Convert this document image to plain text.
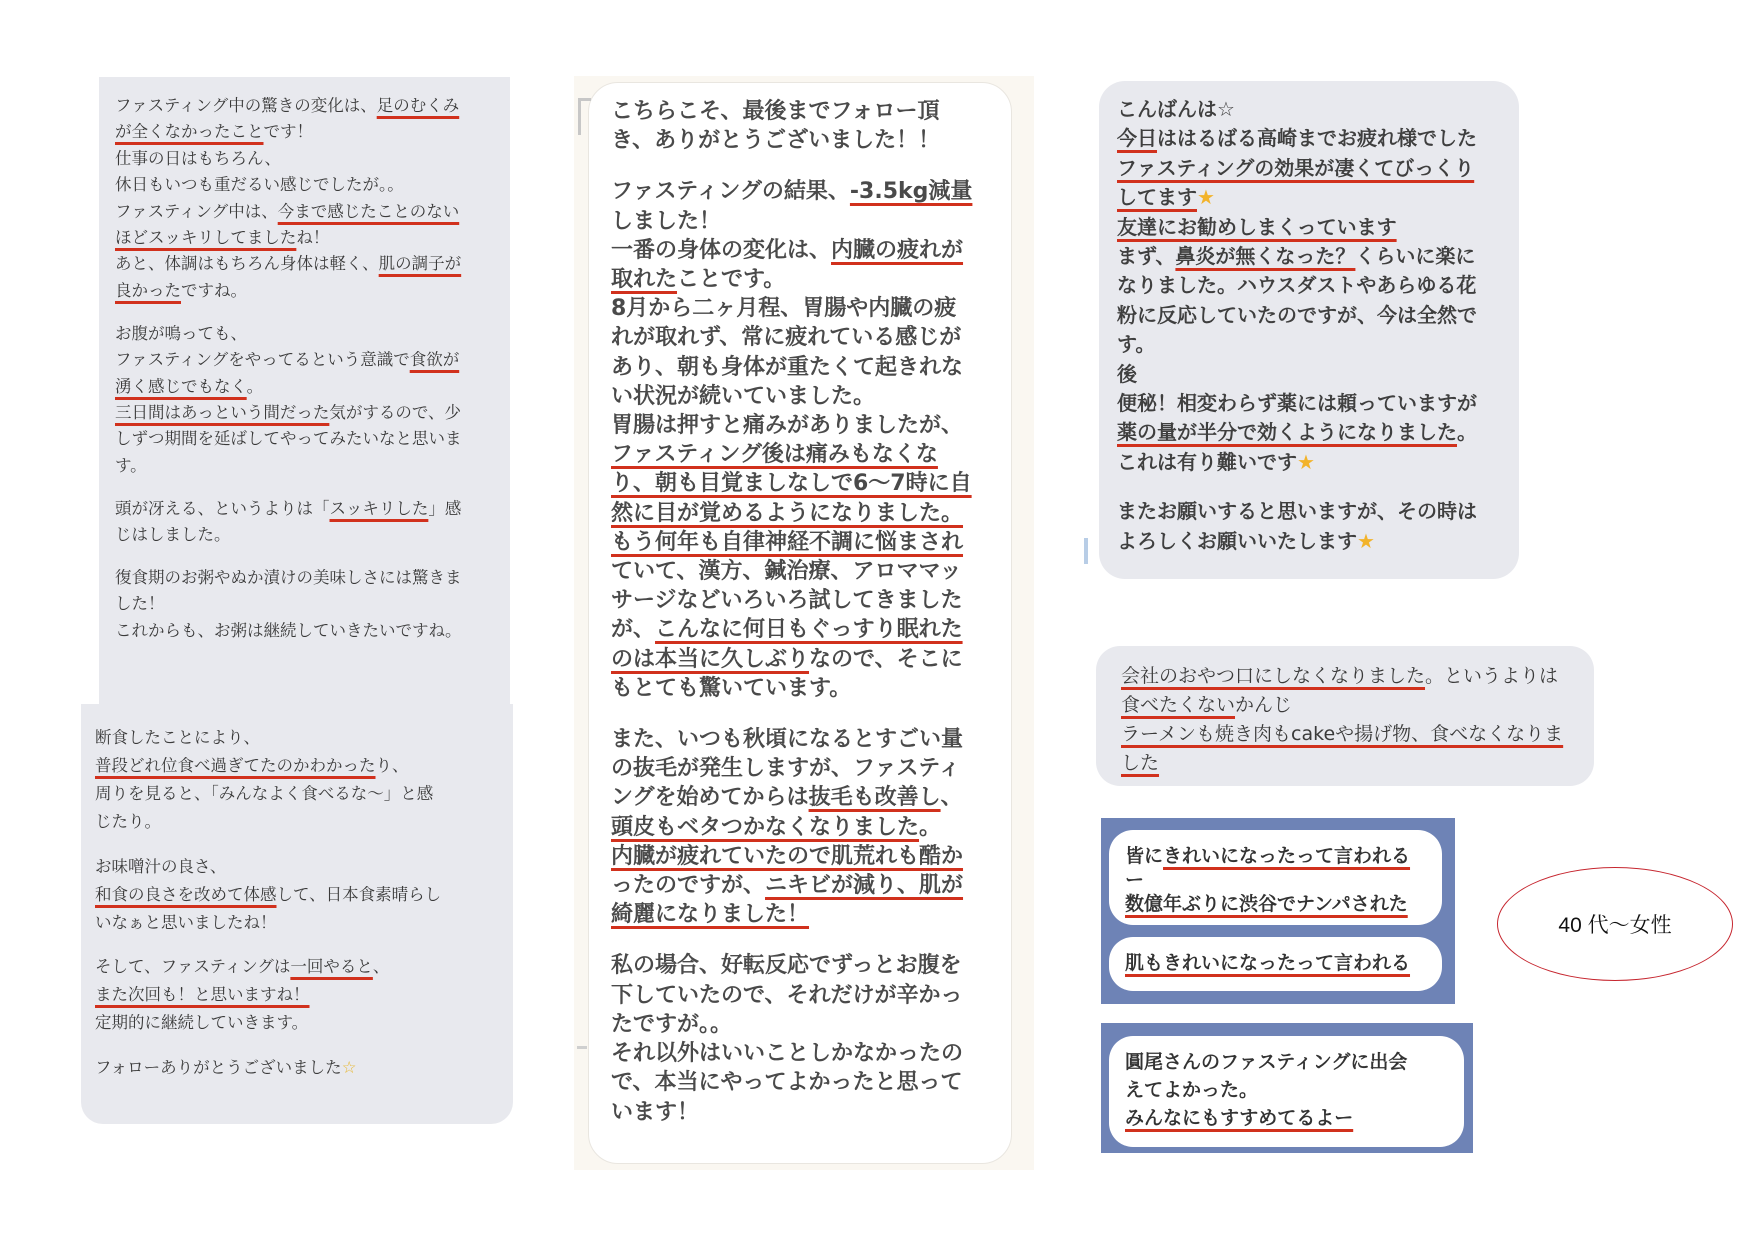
ファスティング中の驚きの変化は、足のむくみ
が全くなかったことです！
仕事の日はもちろん、
休日もいつも重だるい感じでしたが。。
ファスティング中は、今まで感じたことのない
ほどスッキリしてましたね！
あと、体調はもちろん身体は軽く、肌の調子が
良かったですね。
お腹が鳴っても、
ファスティングをやってるという意識で食欲が
湧く感じでもなく。
三日間はあっという間だった気がするので、少
しずつ期間を延ばしてやってみたいなと思いま
す。
頭が冴える、というよりは「スッキリした」感
じはしました。
復食期のお粥やぬか漬けの美味しさには驚きま
した！
これからも、お粥は継続していきたいですね。
断食したことにより、
普段どれ位食べ過ぎてたのかわかったり、
周りを見ると、「みんなよく食べるな〜」と感
じたり。
お味噌汁の良さ、
和食の良さを改めて体感して、日本食素晴らし
いなぁと思いましたね！
そして、ファスティングは一回やると、
また次回も！と思いますね！
定期的に継続していきます。
フォローありがとうございました☆
こちらこそ、最後までフォロー頂
き、ありがとうございました！！
ファスティングの結果、-3.5kg減量
しました！
一番の身体の変化は、内臓の疲れが
取れたことです。
8月から二ヶ月程、胃腸や内臓の疲
れが取れず、常に疲れている感じが
あり、朝も身体が重たくて起きれな
い状況が続いていました。
胃腸は押すと痛みがありましたが、
ファスティング後は痛みもなくな
り、朝も目覚ましなしで6〜7時に自
然に目が覚めるようになりました。
もう何年も自律神経不調に悩まされ
ていて、漢方、鍼治療、アロママッ
サージなどいろいろ試してきました
が、こんなに何日もぐっすり眠れた
のは本当に久しぶりなので、そこに
もとても驚いています。
また、いつも秋頃になるとすごい量
の抜毛が発生しますが、ファスティ
ングを始めてからは抜毛も改善し、
頭皮もベタつかなくなりました。
内臓が疲れていたので肌荒れも酷か
ったのですが、ニキビが減り、肌が
綺麗になりました！
私の場合、好転反応でずっとお腹を
下していたので、それだけが辛かっ
たですが。。
それ以外はいいことしかなかったの
で、本当にやってよかったと思って
います！
こんばんは☆
今日ははるばる高崎までお疲れ様でした
ファスティングの効果が凄くてびっくり
してます★
友達にお勧めしまくっています
まず、鼻炎が無くなった？くらいに楽に
なりました。ハウスダストやあらゆる花
粉に反応していたのですが、今は全然で
す。
後
便秘！相変わらず薬には頼っていますが
薬の量が半分で効くようになりました。
これは有り難いです★
またお願いすると思いますが、その時は
よろしくお願いいたします★
会社のおやつ口にしなくなりました。というよりは
食べたくないかんじ
ラーメンも焼き肉もcakeや揚げ物、食べなくなりま
した
皆にきれいになったって言われる
ー
数億年ぶりに渋谷でナンパされた
肌もきれいになったって言われる
圓尾さんのファスティングに出会
えてよかった。
みんなにもすすめてるよー
40 代〜女性
